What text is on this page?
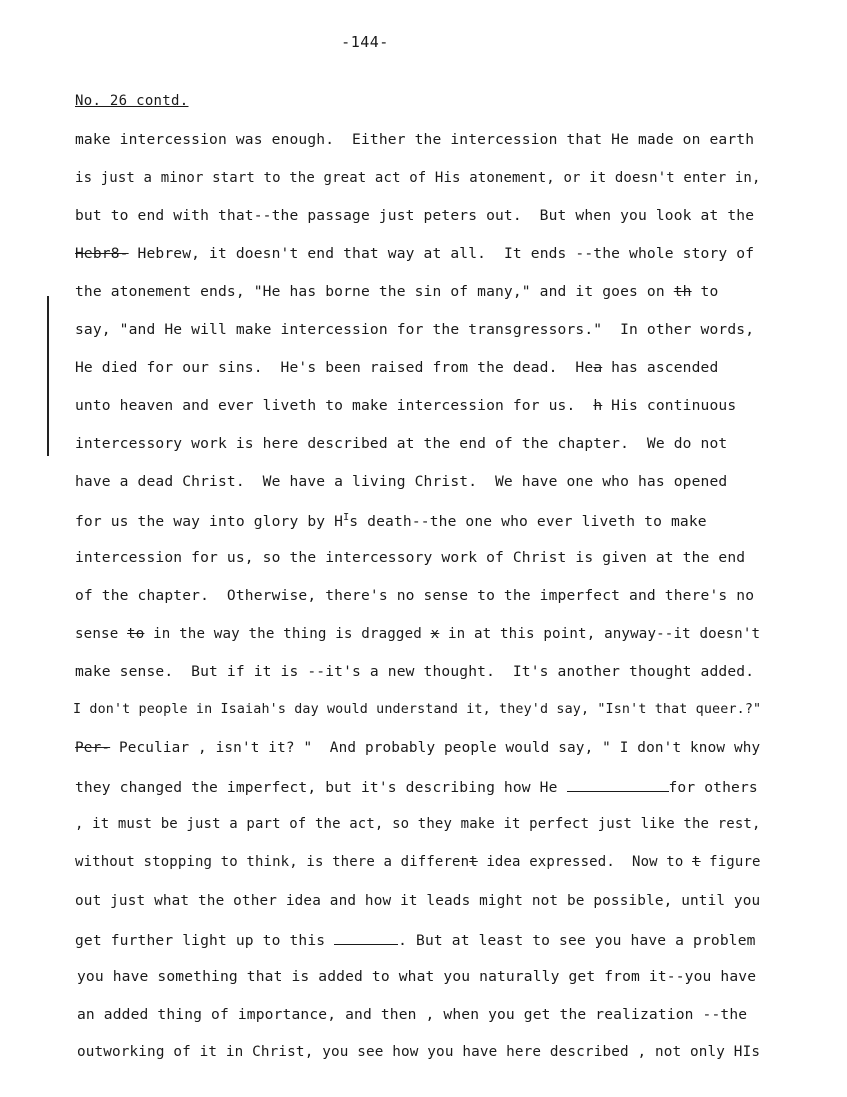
-144-
No. 26 contd.
make intercession was enough.  Either the intercession that He made on earth
is just a minor start to the great act of His atonement, or it doesn't enter in,
but to end with that--the passage just peters out.  But when you look at the
Hebr8- Hebrew, it doesn't end that way at all.  It ends --the whole story of
the atonement ends, "He has borne the sin of many," and it goes on th to
say, "and He will make intercession for the transgressors."  In other words,
He died for our sins.  He's been raised from the dead.  Hea has ascended
unto heaven and ever liveth to make intercession for us.  h His continuous
intercessory work is here described at the end of the chapter.  We do not
have a dead Christ.  We have a living Christ.  We have one who has opened
for us the way into glory by $H^Is$ death--the one who ever liveth to make
intercession for us, so the intercessory work of Christ is given at the end
of the chapter.  Otherwise, there's no sense to the imperfect and there's no
sense to in the way the thing is dragged x in at this point, anyway--it doesn't
make sense.  But if it is --it's a new thought.  It's another thought added.
I don't people in Isaiah's day would understand it, they'd say, "Isn't that queer.?"
Per- Peculiar , isn't it? "  And probably people would say, " I don't know why
they changed the imperfect, but it's describing how He	for others
, it must be just a part of the act, so they make it perfect just like the rest,
without stopping to think, is there a different idea expressed.  Now to t figure
out just what the other idea and how it leads might not be possible, until you
get further light up to this	. But at least to see you have a problem
you have something that is added to what you naturally get from it--you have
an added thing of importance, and then , when you get the realization --the
outworking of it in Christ, you see how you have here described , not only HIs
